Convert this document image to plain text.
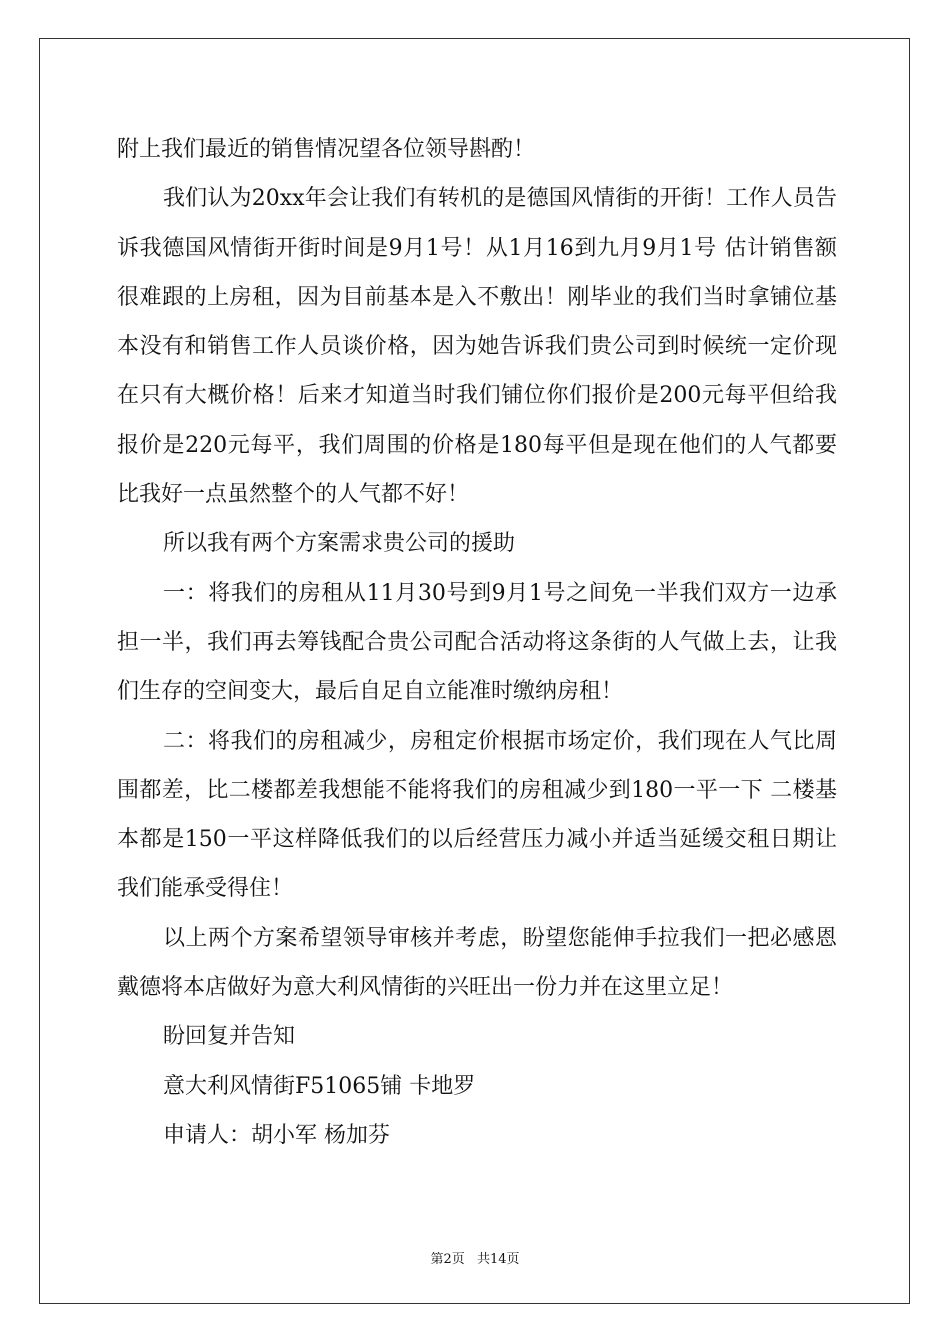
附上我们最近的销售情况望各位领导斟酌！

我们认为20xx年会让我们有转机的是德国风情街的开街！工作人员告诉我德国风情街开街时间是9月1号！从1月16到九月9月1号 估计销售额很难跟的上房租，因为目前基本是入不敷出！刚毕业的我们当时拿铺位基本没有和销售工作人员谈价格，因为她告诉我们贵公司到时候统一定价现在只有大概价格！后来才知道当时我们铺位你们报价是200元每平但给我报价是220元每平，我们周围的价格是180每平但是现在他们的人气都要比我好一点虽然整个的人气都不好！

所以我有两个方案需求贵公司的援助

一：将我们的房租从11月30号到9月1号之间免一半我们双方一边承担一半，我们再去筹钱配合贵公司配合活动将这条街的人气做上去，让我们生存的空间变大，最后自足自立能准时缴纳房租！

二：将我们的房租减少，房租定价根据市场定价，我们现在人气比周围都差，比二楼都差我想能不能将我们的房租减少到180一平一下 二楼基本都是150一平这样降低我们的以后经营压力减小并适当延缓交租日期让我们能承受得住！

以上两个方案希望领导审核并考虑，盼望您能伸手拉我们一把必感恩戴德将本店做好为意大利风情街的兴旺出一份力并在这里立足！

盼回复并告知

意大利风情街F51065铺 卡地罗

申请人：胡小军 杨加芬

第2页 共14页
